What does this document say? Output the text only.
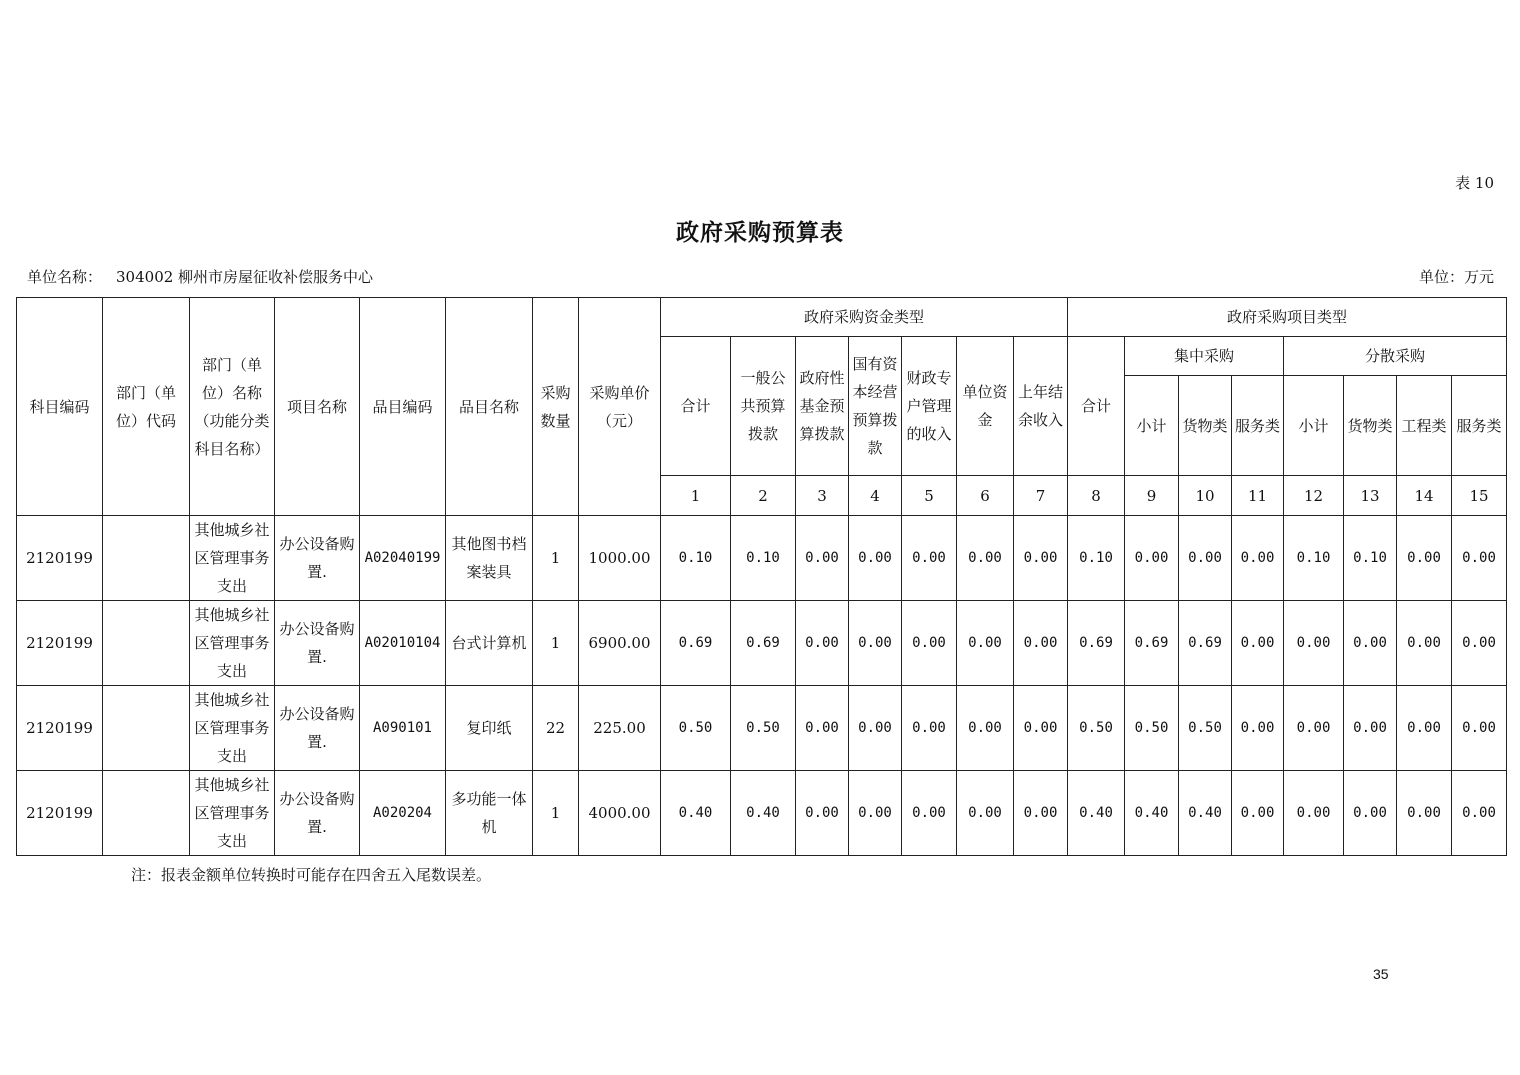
表 10
政府采购预算表
单位名称： 304002 柳州市房屋征收补偿服务中心	单位：万元
科目编码	部门（单位）代码	部门（单位）名称（功能分类科目名称）	项目名称	品目编码	品目名称	采购数量	采购单价（元）	政府采购资金类型							政府采购项目类型							
								合计	一般公共预算拨款	政府性基金预算拨款	国有资本经营预算拨款	财政专户管理的收入	单位资金	上年结余收入	合计	集中采购			分散采购			
																小计	货物类	服务类	小计	货物类	工程类	服务类
								1	2	3	4	5	6	7	8	9	10	11	12	13	14	15
2120199		其他城乡社区管理事务支出	办公设备购置.	A02040199	其他图书档案装具	1	1000.00	0.10	0.10	0.00	0.00	0.00	0.00	0.00	0.10	0.00	0.00	0.00	0.10	0.10	0.00	0.00
2120199		其他城乡社区管理事务支出	办公设备购置.	A02010104	台式计算机	1	6900.00	0.69	0.69	0.00	0.00	0.00	0.00	0.00	0.69	0.69	0.69	0.00	0.00	0.00	0.00	0.00
2120199		其他城乡社区管理事务支出	办公设备购置.	A090101	复印纸	22	225.00	0.50	0.50	0.00	0.00	0.00	0.00	0.00	0.50	0.50	0.50	0.00	0.00	0.00	0.00	0.00
2120199		其他城乡社区管理事务支出	办公设备购置.	A020204	多功能一体机	1	4000.00	0.40	0.40	0.00	0.00	0.00	0.00	0.00	0.40	0.40	0.40	0.00	0.00	0.00	0.00	0.00
注：报表金额单位转换时可能存在四舍五入尾数误差。
35
